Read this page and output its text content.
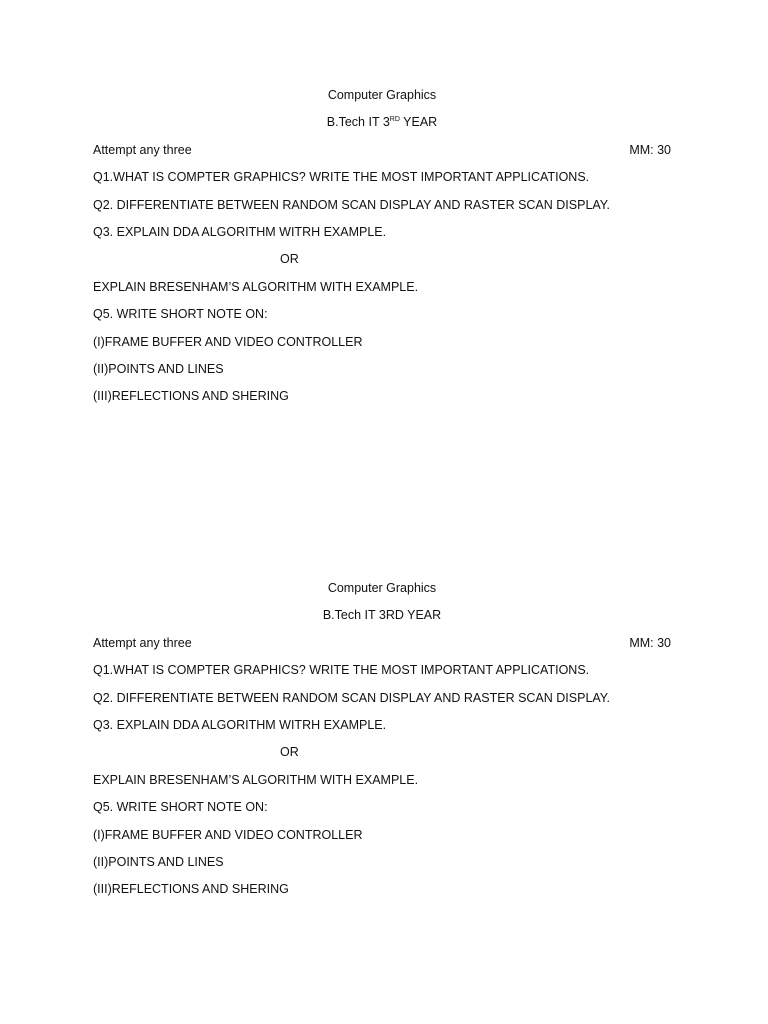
Computer Graphics
B.Tech IT 3RD YEAR
Attempt any three	MM: 30
Q1.WHAT IS COMPTER GRAPHICS? WRITE THE MOST IMPORTANT APPLICATIONS.
Q2. DIFFERENTIATE BETWEEN RANDOM SCAN DISPLAY AND RASTER SCAN DISPLAY.
Q3. EXPLAIN DDA ALGORITHM WITRH EXAMPLE.
OR
EXPLAIN BRESENHAM’S ALGORITHM WITH EXAMPLE.
Q5. WRITE SHORT NOTE ON:
(I)FRAME BUFFER AND VIDEO CONTROLLER
(II)POINTS AND LINES
(III)REFLECTIONS AND SHERING
Computer Graphics
B.Tech IT 3RD YEAR
Attempt any three	MM: 30
Q1.WHAT IS COMPTER GRAPHICS? WRITE THE MOST IMPORTANT APPLICATIONS.
Q2. DIFFERENTIATE BETWEEN RANDOM SCAN DISPLAY AND RASTER SCAN DISPLAY.
Q3. EXPLAIN DDA ALGORITHM WITRH EXAMPLE.
OR
EXPLAIN BRESENHAM’S ALGORITHM WITH EXAMPLE.
Q5. WRITE SHORT NOTE ON:
(I)FRAME BUFFER AND VIDEO CONTROLLER
(II)POINTS AND LINES
(III)REFLECTIONS AND SHERING
